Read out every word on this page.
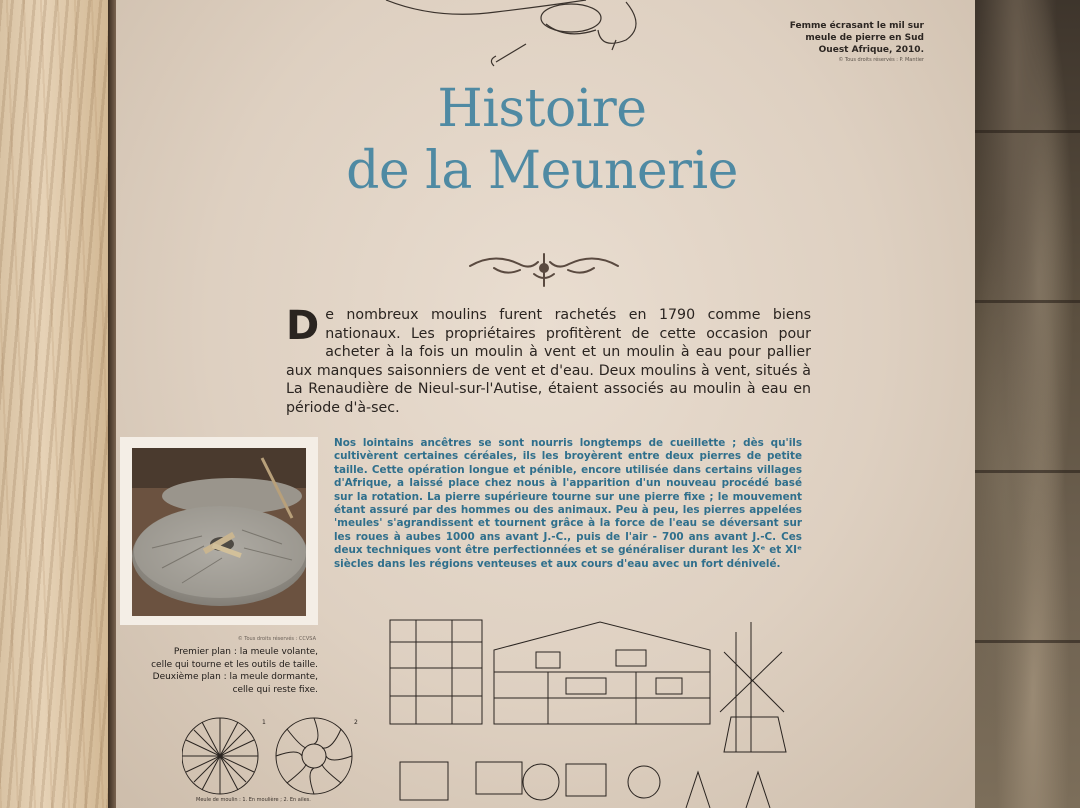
Femme écrasant le mil sur meule de pierre en Sud Ouest Afrique, 2010.
© Tous droits réservés : P. Mantier
Histoire
de la Meunerie
D e nombreux moulins furent rachetés en 1790 comme biens nationaux. Les propriétaires profitèrent de cette occasion pour acheter à la fois un moulin à vent et un moulin à eau pour pallier aux manques saisonniers de vent et d'eau. Deux moulins à vent, situés à La Renaudière de Nieul-sur-l'Autise, étaient associés au moulin à eau en période d'à-sec.
© Tous droits réservés : CCVSA
Premier plan : la meule volante,
celle qui tourne et les outils de taille.
Deuxième plan : la meule dormante,
celle qui reste fixe.
Nos lointains ancêtres se sont nourris longtemps de cueillette ; dès qu'ils cultivèrent certaines céréales, ils les broyèrent entre deux pierres de petite taille. Cette opération longue et pénible, encore utilisée dans certains villages d'Afrique, a laissé place chez nous à l'apparition d'un nouveau procédé basé sur la rotation. La pierre supérieure tourne sur une pierre fixe ; le mouvement étant assuré par des hommes ou des animaux. Peu à peu, les pierres appelées 'meules' s'agrandissent et tournent grâce à la force de l'eau se déversant sur les roues à aubes 1000 ans avant J.-C., puis de l'air - 700 ans avant J.-C. Ces deux techniques vont être perfectionnées et se généraliser durant les Xᵉ et XIᵉ siècles dans les régions venteuses et aux cours d'eau avec un fort dénivelé.
1	2
Meule de moulin : 1. En moulière ; 2. En ailes.
